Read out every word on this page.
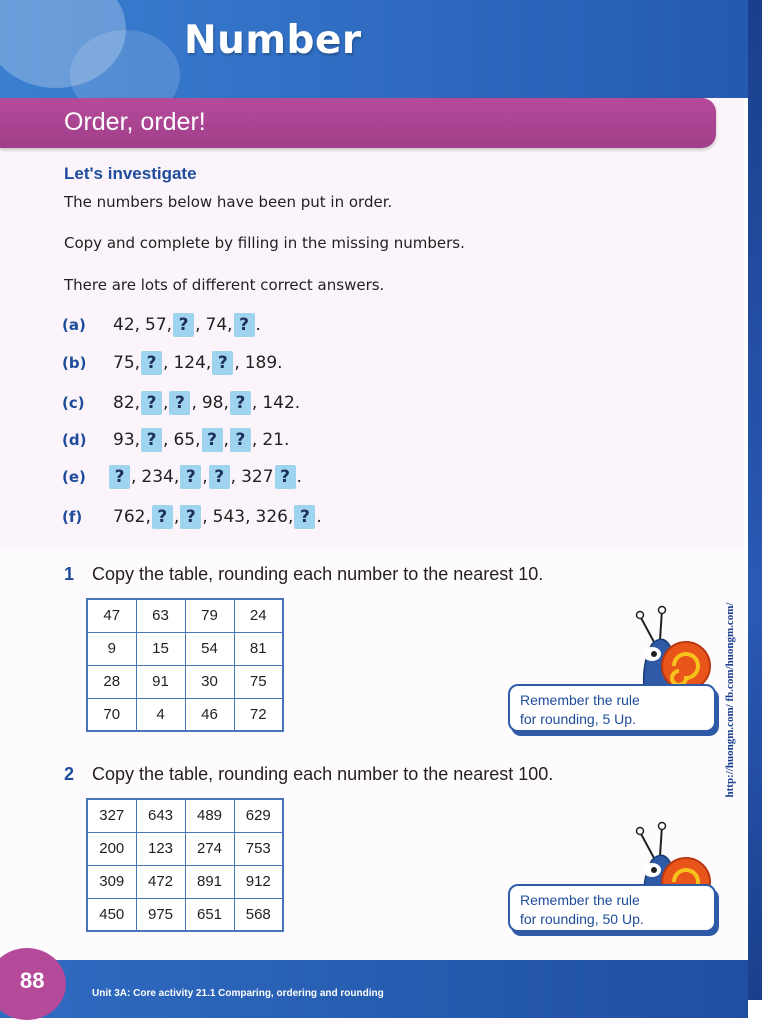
Number
Order, order!
Let's investigate
The numbers below have been put in order.
Copy and complete by filling in the missing numbers.
There are lots of different correct answers.
(a)	42, 57, ? , 74, ? .
(b)	75, ? , 124, ? , 189.
(c)	82, ? , ? , 98, ? , 142.
(d)	93, ? , 65, ? , ? , 21.
(e)	? , 234, ? , ? , 327 ? .
(f)	762, ? , ? , 543, 326, ? .
1 Copy the table, rounding each number to the nearest 10.
47	63	79	24
9	15	54	81
28	91	30	75
70	4	46	72
Remember the rule
for rounding, 5 Up.
2 Copy the table, rounding each number to the nearest 100.
327	643	489	629
200	123	274	753
309	472	891	912
450	975	651	568
Remember the rule
for rounding, 50 Up.
http://huongm.com/ fb.com/huongm.com/
88
Unit 3A: Core activity 21.1 Comparing, ordering and rounding
